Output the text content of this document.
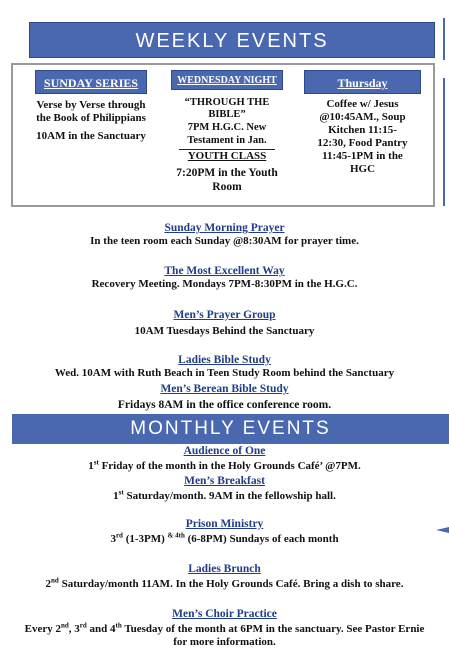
WEEKLY EVENTS
SUNDAY SERIES

Verse by Verse through the Book of Philippians

10AM in the Sanctuary

WEDNESDAY NIGHT

“THROUGH THE BIBLE”

7PM H.G.C. New Testament in Jan.

YOUTH CLASS

7:20PM in the Youth Room

Thursday

Coffee w/ Jesus @10:45AM., Soup Kitchen 11:15-12:30, Food Pantry 11:45-1PM in the HGC

Sunday Morning Prayer
In the teen room each Sunday @8:30AM for prayer time.
The Most Excellent Way
Recovery Meeting. Mondays 7PM-8:30PM in the H.G.C.
Men’s Prayer Group
10AM Tuesdays Behind the Sanctuary
Ladies Bible Study
Wed. 10AM with Ruth Beach in Teen Study Room behind the Sanctuary
Men’s Berean Bible Study
Fridays 8AM in the office conference room.
MONTHLY EVENTS
Audience of One
1st Friday of the month in the Holy Grounds Café’ @7PM.
Men’s Breakfast
1st Saturday/month. 9AM in the fellowship hall.
Prison Ministry
3rd (1-3PM) $^{\& 4th}$ (6-8PM) Sundays of each month
Ladies Brunch
2nd Saturday/month 11AM. In the Holy Grounds Café. Bring a dish to share.
Men’s Choir Practice
Every 2nd, 3rd and 4th Tuesday of the month at 6PM in the sanctuary. See Pastor Ernie for more information.
